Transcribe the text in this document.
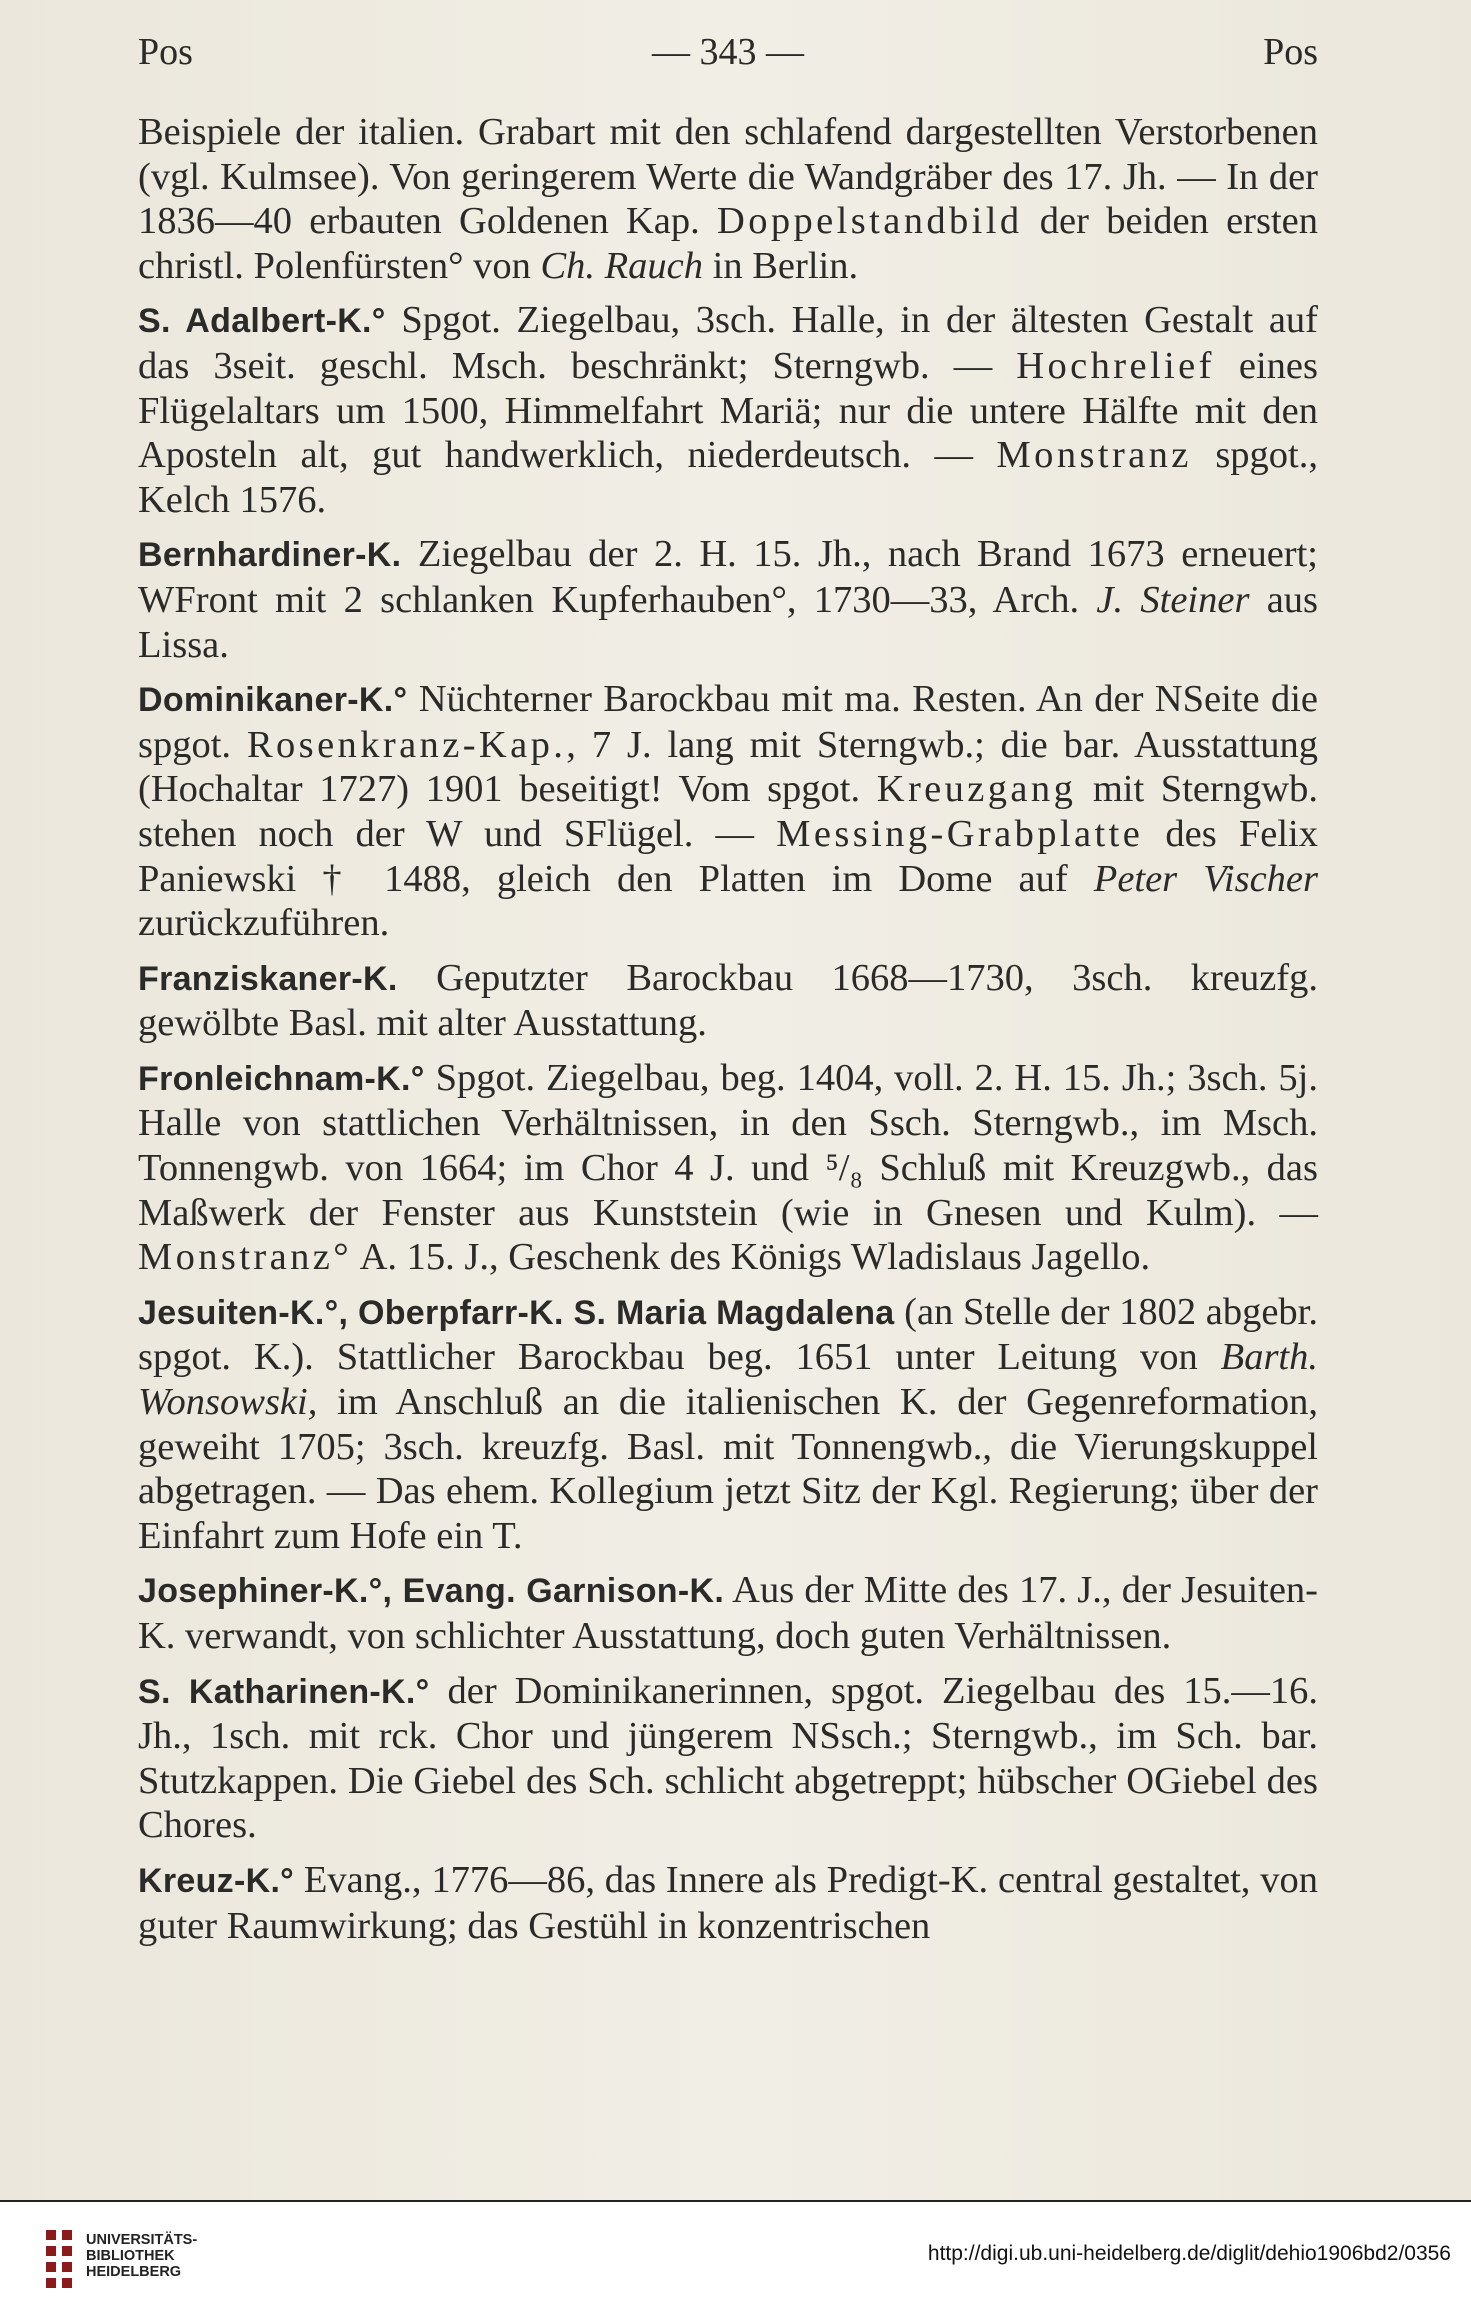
Pos	— 343 —	Pos

Beispiele der italien. Grabart mit den schlafend dargestellten Verstorbenen (vgl. Kulmsee). Von geringerem Werte die Wandgräber des 17. Jh. — In der 1836—40 erbauten Goldenen Kap. Doppelstandbild der beiden ersten christl. Polenfürsten° von Ch. Rauch in Berlin.

S. Adalbert-K.° Spgot. Ziegelbau, 3sch. Halle, in der ältesten Gestalt auf das 3seit. geschl. Msch. beschränkt; Sterngwb. — Hochrelief eines Flügelaltars um 1500, Himmelfahrt Mariä; nur die untere Hälfte mit den Aposteln alt, gut handwerklich, niederdeutsch. — Monstranz spgot., Kelch 1576.

Bernhardiner-K. Ziegelbau der 2. H. 15. Jh., nach Brand 1673 erneuert; WFront mit 2 schlanken Kupferhauben°, 1730—33, Arch. J. Steiner aus Lissa.

Dominikaner-K.° Nüchterner Barockbau mit ma. Resten. An der NSeite die spgot. Rosenkranz-Kap., 7 J. lang mit Sterngwb.; die bar. Ausstattung (Hochaltar 1727) 1901 beseitigt! Vom spgot. Kreuzgang mit Sterngwb. stehen noch der W und SFlügel. — Messing-Grabplatte des Felix Paniewski † 1488, gleich den Platten im Dome auf Peter Vischer zurückzuführen.

Franziskaner-K. Geputzter Barockbau 1668—1730, 3sch. kreuzfg. gewölbte Basl. mit alter Ausstattung.

Fronleichnam-K.° Spgot. Ziegelbau, beg. 1404, voll. 2. H. 15. Jh.; 3sch. 5j. Halle von stattlichen Verhältnissen, in den Ssch. Sterngwb., im Msch. Tonnengwb. von 1664; im Chor 4 J. und ⁵/₈ Schluß mit Kreuzgwb., das Maßwerk der Fenster aus Kunststein (wie in Gnesen und Kulm). — Monstranz° A. 15. J., Geschenk des Königs Wladislaus Jagello.

Jesuiten-K.°, Oberpfarr-K. S. Maria Magdalena (an Stelle der 1802 abgebr. spgot. K.). Stattlicher Barockbau beg. 1651 unter Leitung von Barth. Wonsowski, im Anschluß an die italienischen K. der Gegenreformation, geweiht 1705; 3sch. kreuzfg. Basl. mit Tonnengwb., die Vierungskuppel abgetragen. — Das ehem. Kollegium jetzt Sitz der Kgl. Regierung; über der Einfahrt zum Hofe ein T.

Josephiner-K.°, Evang. Garnison-K. Aus der Mitte des 17. J., der Jesuiten-K. verwandt, von schlichter Ausstattung, doch guten Verhältnissen.

S. Katharinen-K.° der Dominikanerinnen, spgot. Ziegelbau des 15.—16. Jh., 1sch. mit rck. Chor und jüngerem NSsch.; Sterngwb., im Sch. bar. Stutzkappen. Die Giebel des Sch. schlicht abgetreppt; hübscher OGiebel des Chores.

Kreuz-K.° Evang., 1776—86, das Innere als Predigt-K. central gestaltet, von guter Raumwirkung; das Gestühl in konzentrischen

UNIVERSITÄTS-
BIBLIOTHEK
HEIDELBERG
http://digi.ub.uni-heidelberg.de/diglit/dehio1906bd2/0356
